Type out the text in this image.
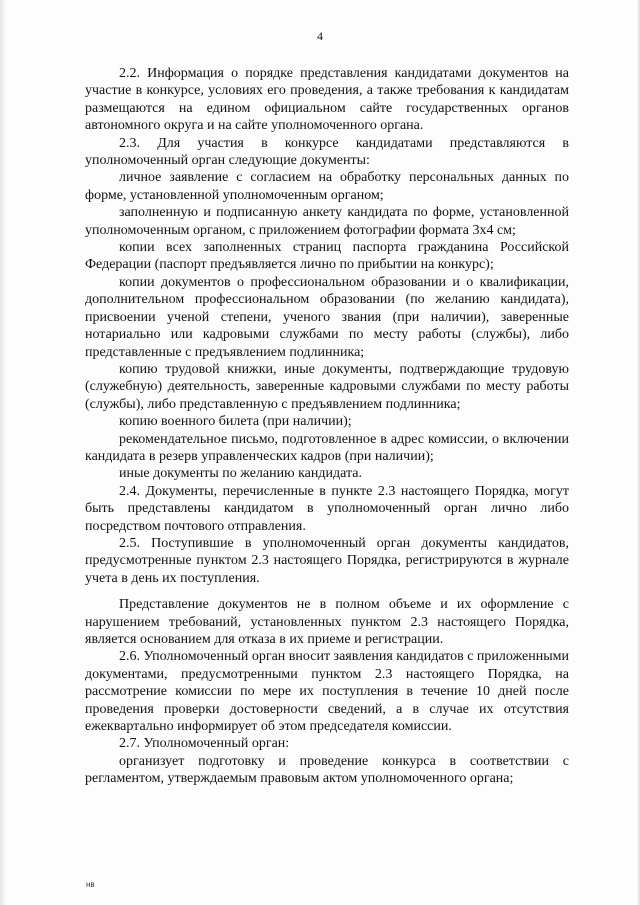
4

2.2. Информация о порядке представления кандидатами документов на участие в конкурсе, условиях его проведения, а также требования к кандидатам размещаются на едином официальном сайте государственных органов автономного округа и на сайте уполномоченного органа.

2.3. Для участия в конкурсе кандидатами представляются в уполномоченный орган следующие документы:

личное заявление с согласием на обработку персональных данных по форме, установленной уполномоченным органом;

заполненную и подписанную анкету кандидата по форме, установленной уполномоченным органом, с приложением фотографии формата 3х4 см;

копии всех заполненных страниц паспорта гражданина Российской Федерации (паспорт предъявляется лично по прибытии на конкурс);

копии документов о профессиональном образовании и о квалификации, дополнительном профессиональном образовании (по желанию кандидата), присвоении ученой степени, ученого звания (при наличии), заверенные нотариально или кадровыми службами по месту работы (службы), либо представленные с предъявлением подлинника;

копию трудовой книжки, иные документы, подтверждающие трудовую (служебную) деятельность, заверенные кадровыми службами по месту работы (службы), либо представленную с предъявлением подлинника;

копию военного билета (при наличии);

рекомендательное письмо, подготовленное в адрес комиссии, о включении кандидата в резерв управленческих кадров (при наличии);

иные документы по желанию кандидата.

2.4. Документы, перечисленные в пункте 2.3 настоящего Порядка, могут быть представлены кандидатом в уполномоченный орган лично либо посредством почтового отправления.

2.5. Поступившие в уполномоченный орган документы кандидатов, предусмотренные пунктом 2.3 настоящего Порядка, регистрируются в журнале учета в день их поступления.

Представление документов не в полном объеме и их оформление с нарушением требований, установленных пунктом 2.3 настоящего Порядка, является основанием для отказа в их приеме и регистрации.

2.6. Уполномоченный орган вносит заявления кандидатов с приложенными документами, предусмотренными пунктом 2.3 настоящего Порядка, на рассмотрение комиссии по мере их поступления в течение 10 дней после проведения проверки достоверности сведений, а в случае их отсутствия ежеквартально информирует об этом председателя комиссии.

2.7. Уполномоченный орган:

организует подготовку и проведение конкурса в соответствии с регламентом, утверждаемым правовым актом уполномоченного органа;

нв
